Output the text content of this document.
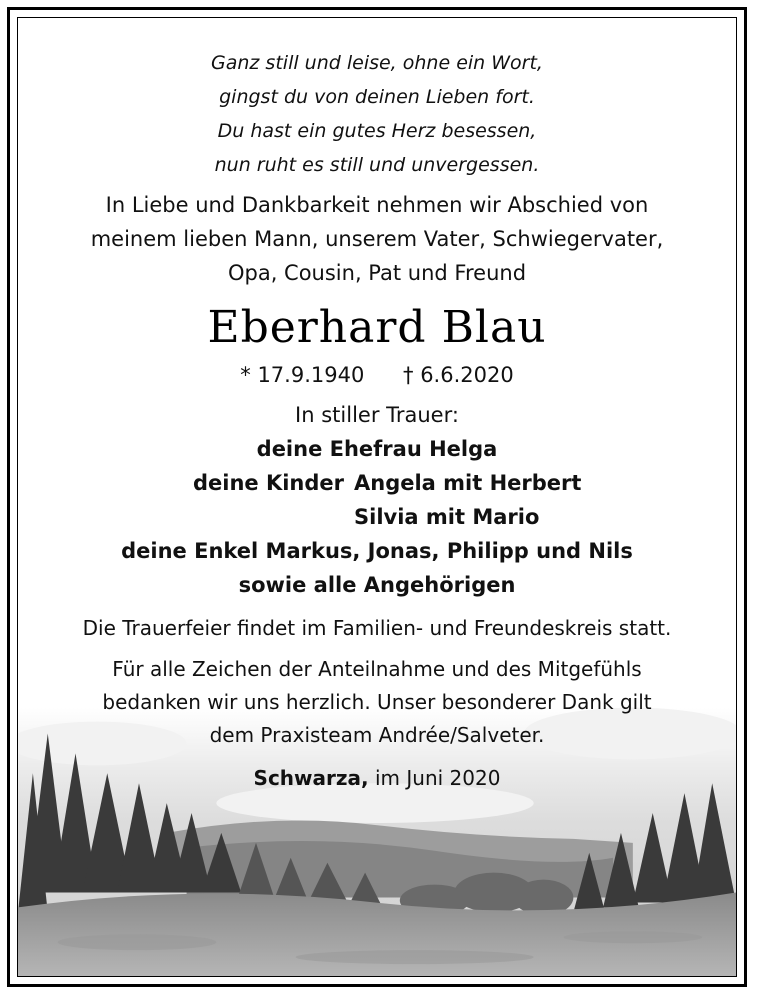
Ganz still und leise, ohne ein Wort,
gingst du von deinen Lieben fort.
Du hast ein gutes Herz besessen,
nun ruht es still und unvergessen.
In Liebe und Dankbarkeit nehmen wir Abschied von
meinem lieben Mann, unserem Vater, Schwiegervater,
Opa, Cousin, Pat und Freund
Eberhard Blau
* 17.9.1940 † 6.6.2020
In stiller Trauer:
deine Ehefrau Helga
deine Kinder Angela mit Herbert
Silvia mit Mario
deine Enkel Markus, Jonas, Philipp und Nils
sowie alle Angehörigen
Die Trauerfeier findet im Familien- und Freundeskreis statt.
Für alle Zeichen der Anteilnahme und des Mitgefühls
bedanken wir uns herzlich. Unser besonderer Dank gilt
dem Praxisteam Andrée/Salveter.
Schwarza, im Juni 2020
